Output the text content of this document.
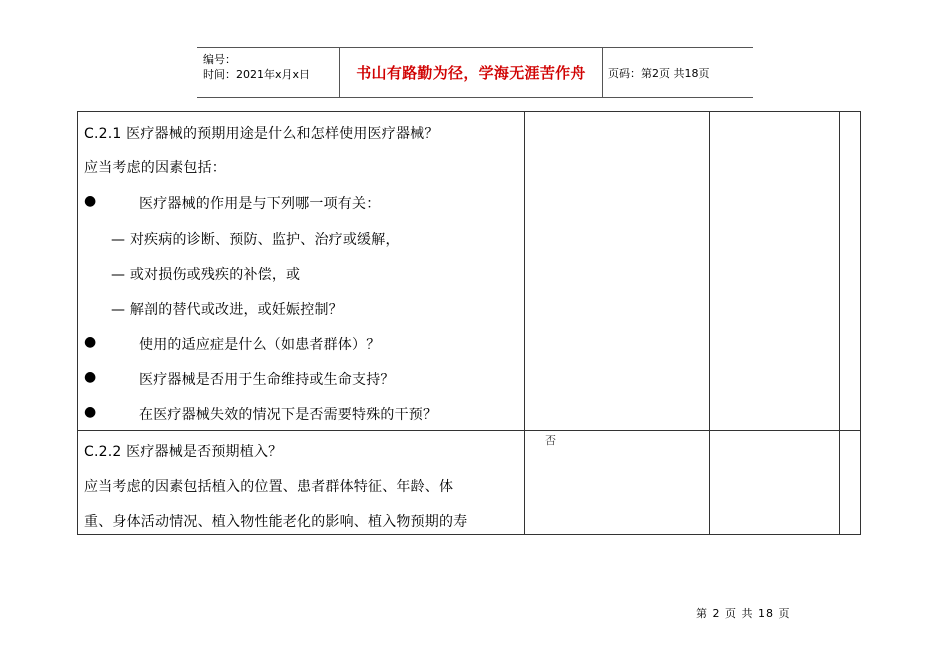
编号：
时间：2021年x月x日	书山有路勤为径，学海无涯苦作舟	页码：第2页 共18页
C.2.1 医疗器械的预期用途是什么和怎样使用医疗器械？
应当考虑的因素包括：
●	医疗器械的作用是与下列哪一项有关：
— 对疾病的诊断、预防、监护、治疗或缓解，
— 或对损伤或残疾的补偿，或
— 解剖的替代或改进，或妊娠控制？
●	使用的适应症是什么（如患者群体）？
●	医疗器械是否用于生命维持或生命支持？
●	在医疗器械失效的情况下是否需要特殊的干预？
C.2.2 医疗器械是否预期植入？
应当考虑的因素包括植入的位置、患者群体特征、年龄、体
重、身体活动情况、植入物性能老化的影响、植入物预期的寿
否
第 2 页 共 18 页
